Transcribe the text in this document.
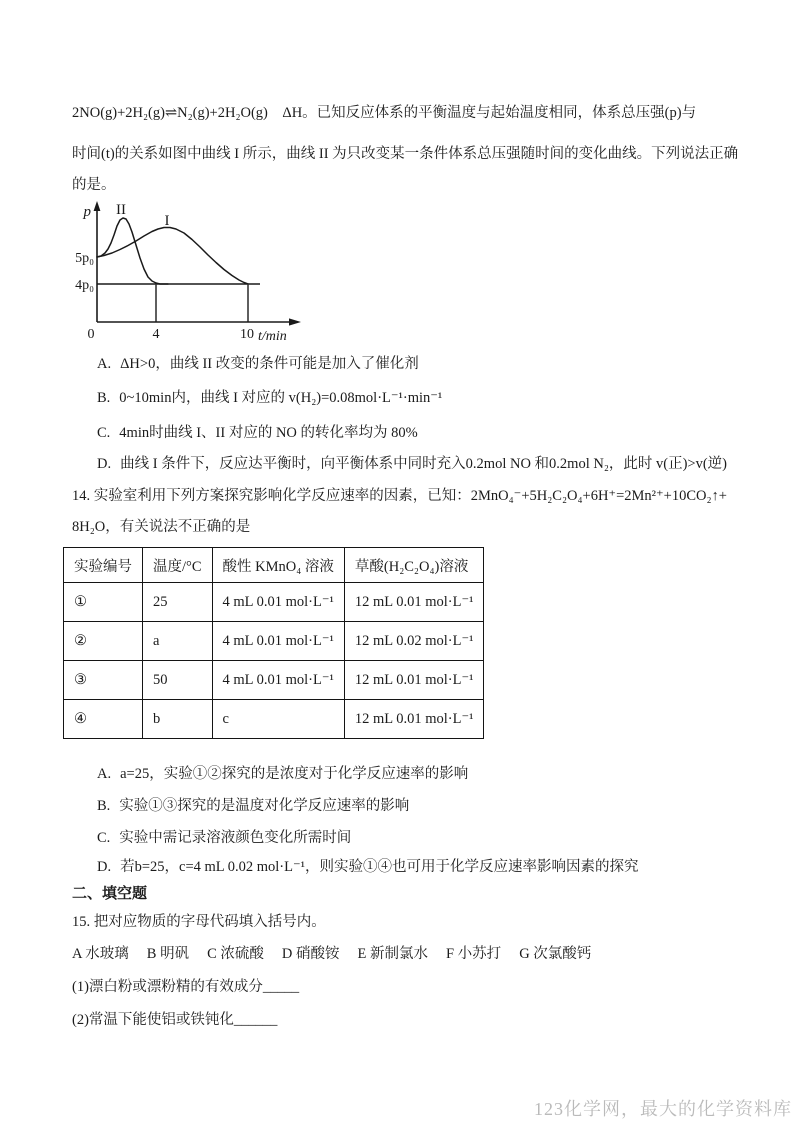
2NO(g)+2H₂(g)⇌N₂(g)+2H₂O(g)　ΔH。已知反应体系的平衡温度与起始温度相同，体系总压强(p)与
时间(t)的关系如图中曲线 I 所示，曲线 II 为只改变某一条件体系总压强随时间的变化曲线。下列说法正确
的是。
p II
I
5p₀
4p₀
0	4	10 t/min
A. ΔH>0，曲线 II 改变的条件可能是加入了催化剂
B. 0~10min内，曲线 I 对应的 v(H₂)=0.08mol·L⁻¹·min⁻¹
C. 4min时曲线 I、II 对应的 NO 的转化率均为 80%
D. 曲线 I 条件下，反应达平衡时，向平衡体系中同时充入0.2mol NO 和0.2mol N₂，此时 v(正)>v(逆)
14. 实验室利用下列方案探究影响化学反应速率的因素，已知：2MnO₄⁻+5H₂C₂O₄+6H⁺=2Mn²⁺+10CO₂↑+
8H₂O，有关说法不正确的是
实验编号	温度/°C	酸性 KMnO₄ 溶液	草酸(H₂C₂O₄)溶液
①	25	4 mL 0.01 mol·L⁻¹	12 mL 0.01 mol·L⁻¹
②	a	4 mL 0.01 mol·L⁻¹	12 mL 0.02 mol·L⁻¹
③	50	4 mL 0.01 mol·L⁻¹	12 mL 0.01 mol·L⁻¹
④	b	c	12 mL 0.01 mol·L⁻¹
A. a=25，实验①②探究的是浓度对于化学反应速率的影响
B. 实验①③探究的是温度对化学反应速率的影响
C. 实验中需记录溶液颜色变化所需时间
D. 若b=25，c=4 mL 0.02 mol·L⁻¹，则实验①④也可用于化学反应速率影响因素的探究
二、填空题
15. 把对应物质的字母代码填入括号内。
A 水玻璃 B 明矾 C 浓硫酸 D 硝酸铵 E 新制氯水 F 小苏打 G 次氯酸钙
(1)漂白粉或漂粉精的有效成分_____
(2)常温下能使铝或铁钝化______
123化学网，最大的化学资料库
